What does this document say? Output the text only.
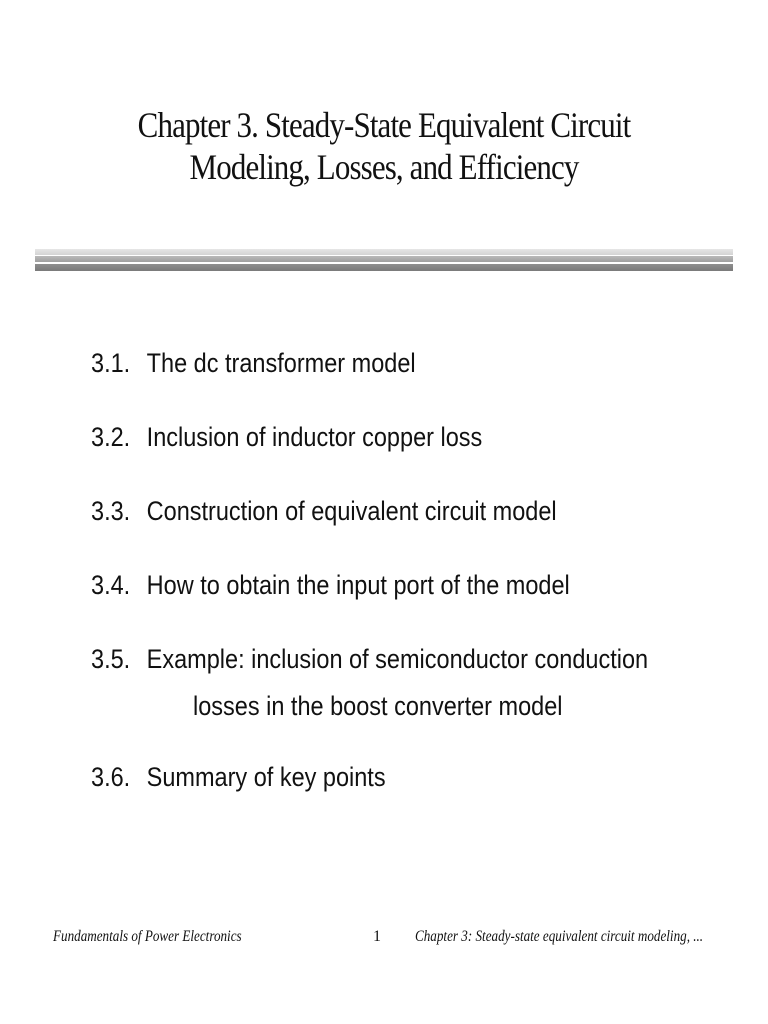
Chapter 3. Steady-State Equivalent Circuit
Modeling, Losses, and Efficiency
3.1. The dc transformer model
3.2. Inclusion of inductor copper loss
3.3. Construction of equivalent circuit model
3.4. How to obtain the input port of the model
3.5. Example: inclusion of semiconductor conduction
losses in the boost converter model
3.6. Summary of key points
Fundamentals of Power Electronics	1 Chapter 3: Steady-state equivalent circuit modeling, ...
